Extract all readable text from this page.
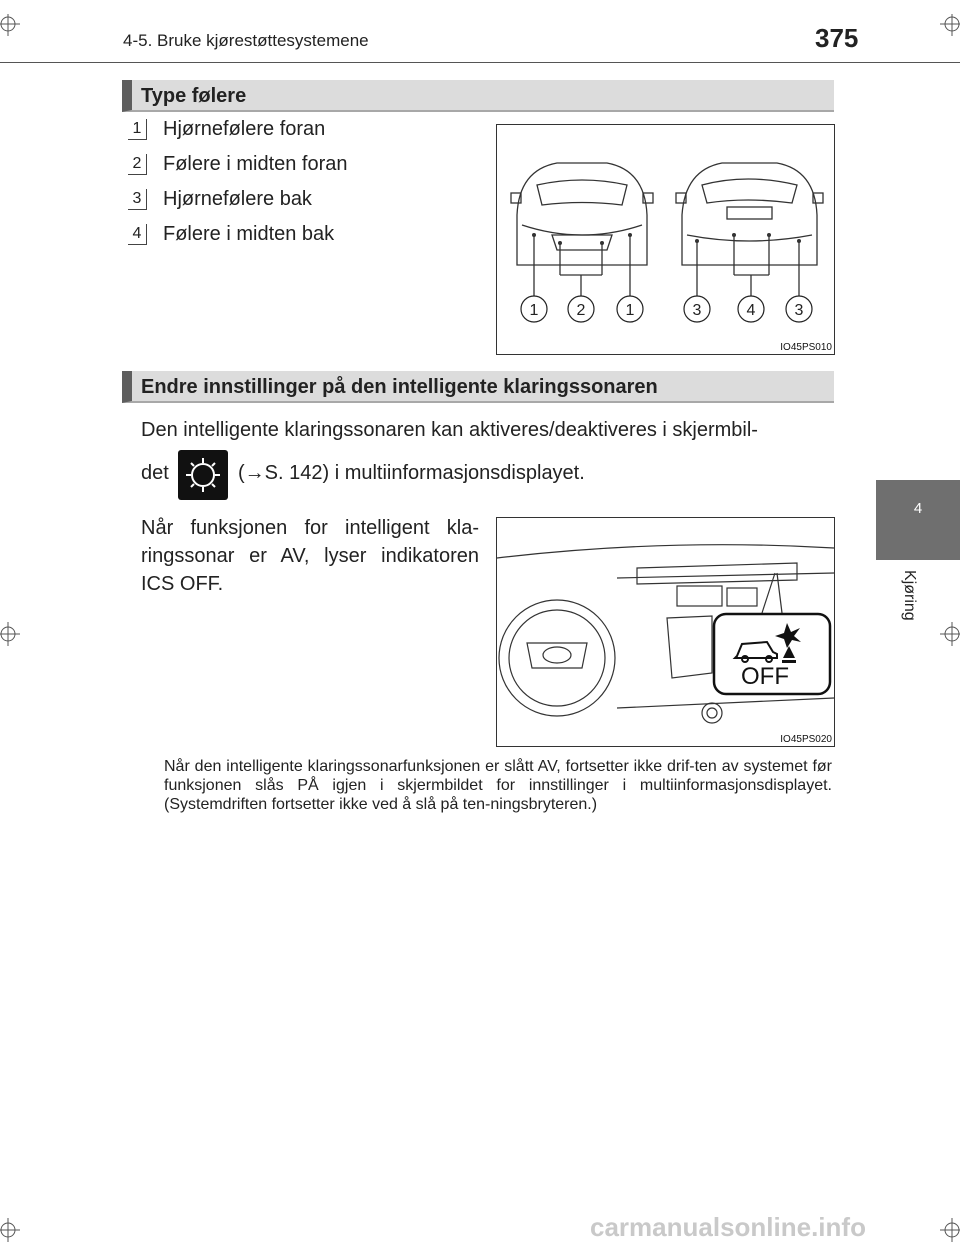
4-5. Bruke kjørestøttesystemene	375
4
Kjøring
Type følere
1 Hjørnefølere foran
2 Følere i midten foran
3 Hjørnefølere bak
4 Følere i midten bak
1 2	1	3	4 3
IO45PS010
Endre innstillinger på den intelligente klaringssonaren
Den intelligente klaringssonaren kan aktiveres/deaktiveres i skjermbil-
det	(→S. 142) i multiinformasjonsdisplayet.
Når funksjonen for intelligent kla-ringssonar er AV, lyser indikatoren ICS OFF.
OFF
IO45PS020
Når den intelligente klaringssonarfunksjonen er slått AV, fortsetter ikke drif-ten av systemet før funksjonen slås PÅ igjen i skjermbildet for innstillinger i multiinformasjonsdisplayet. (Systemdriften fortsetter ikke ved å slå på ten-ningsbryteren.)
carmanualsonline.info
